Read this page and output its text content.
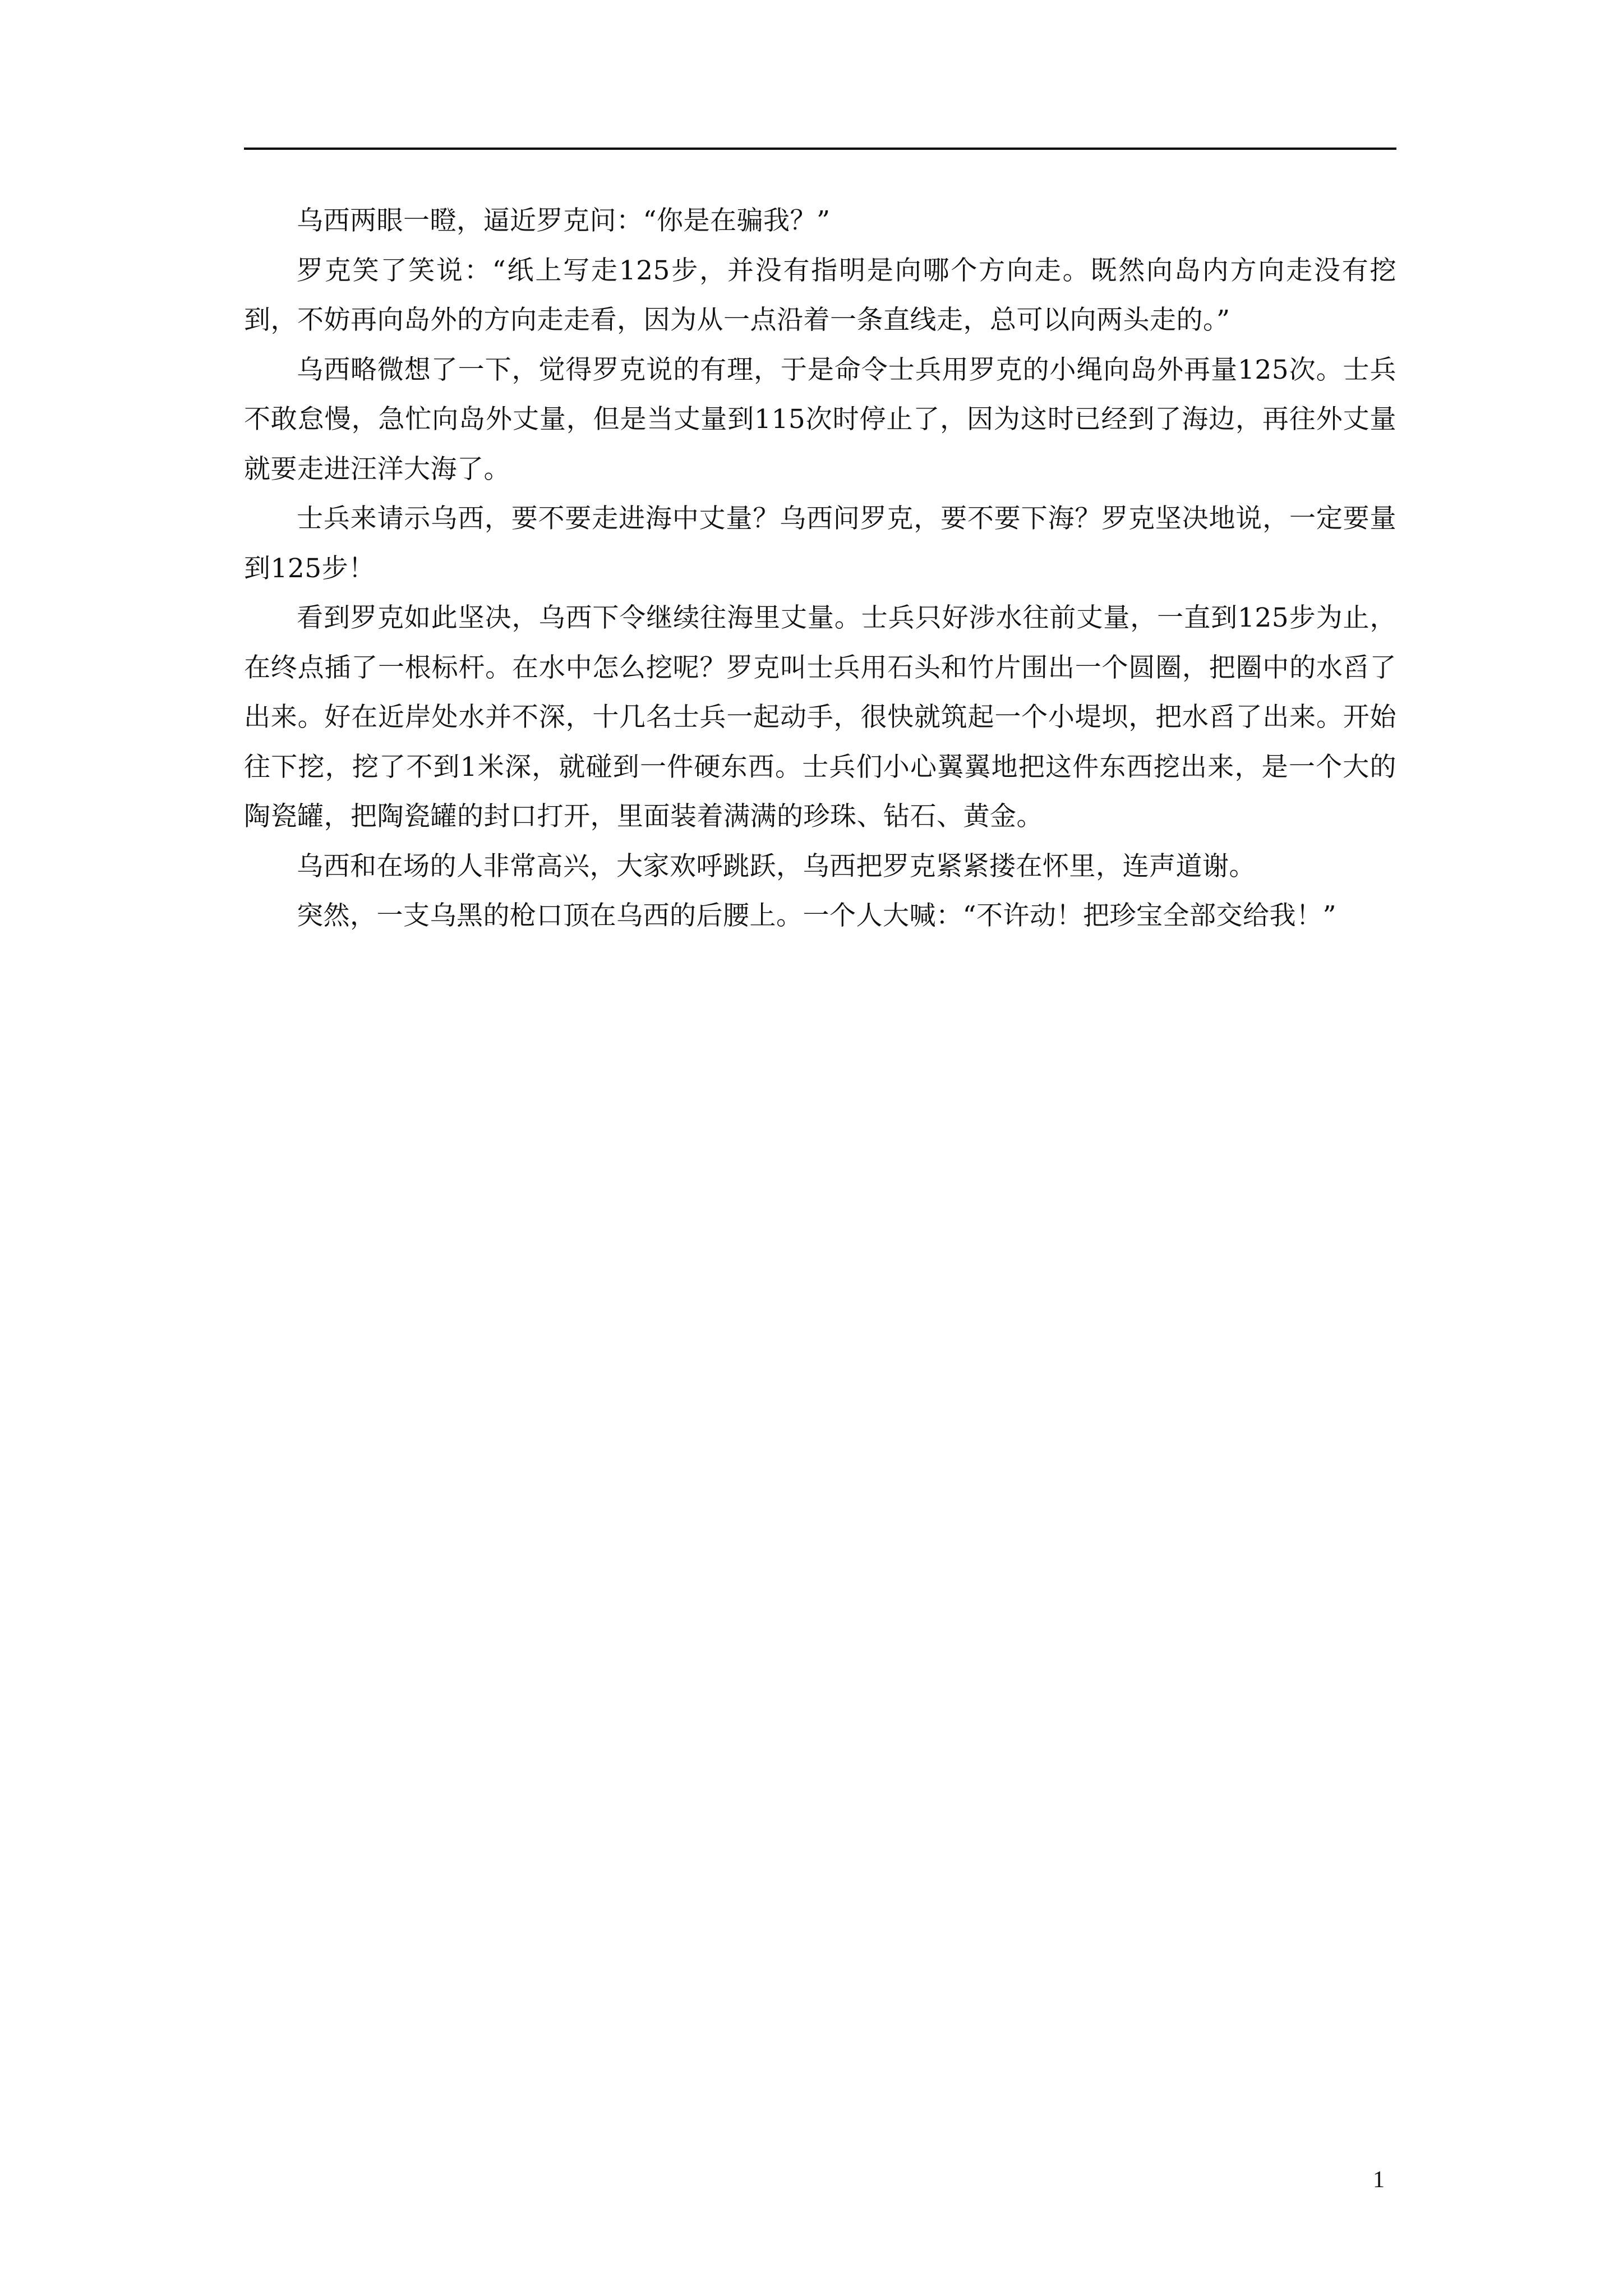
乌西两眼一瞪，逼近罗克问：“你是在骗我？”

罗克笑了笑说：“纸上写走125步，并没有指明是向哪个方向走。既然向岛内方向走没有挖到，不妨再向岛外的方向走走看，因为从一点沿着一条直线走，总可以向两头走的。”

乌西略微想了一下，觉得罗克说的有理，于是命令士兵用罗克的小绳向岛外再量125次。士兵不敢怠慢，急忙向岛外丈量，但是当丈量到115次时停止了，因为这时已经到了海边，再往外丈量就要走进汪洋大海了。

士兵来请示乌西，要不要走进海中丈量？乌西问罗克，要不要下海？罗克坚决地说，一定要量到125步！

看到罗克如此坚决，乌西下令继续往海里丈量。士兵只好涉水往前丈量，一直到125步为止，在终点插了一根标杆。在水中怎么挖呢？罗克叫士兵用石头和竹片围出一个圆圈，把圈中的水舀了出来。好在近岸处水并不深，十几名士兵一起动手，很快就筑起一个小堤坝，把水舀了出来。开始往下挖，挖了不到1米深，就碰到一件硬东西。士兵们小心翼翼地把这件东西挖出来，是一个大的陶瓷罐，把陶瓷罐的封口打开，里面装着满满的珍珠、钻石、黄金。

乌西和在场的人非常高兴，大家欢呼跳跃，乌西把罗克紧紧搂在怀里，连声道谢。

突然，一支乌黑的枪口顶在乌西的后腰上。一个人大喊：“不许动！把珍宝全部交给我！”

1
